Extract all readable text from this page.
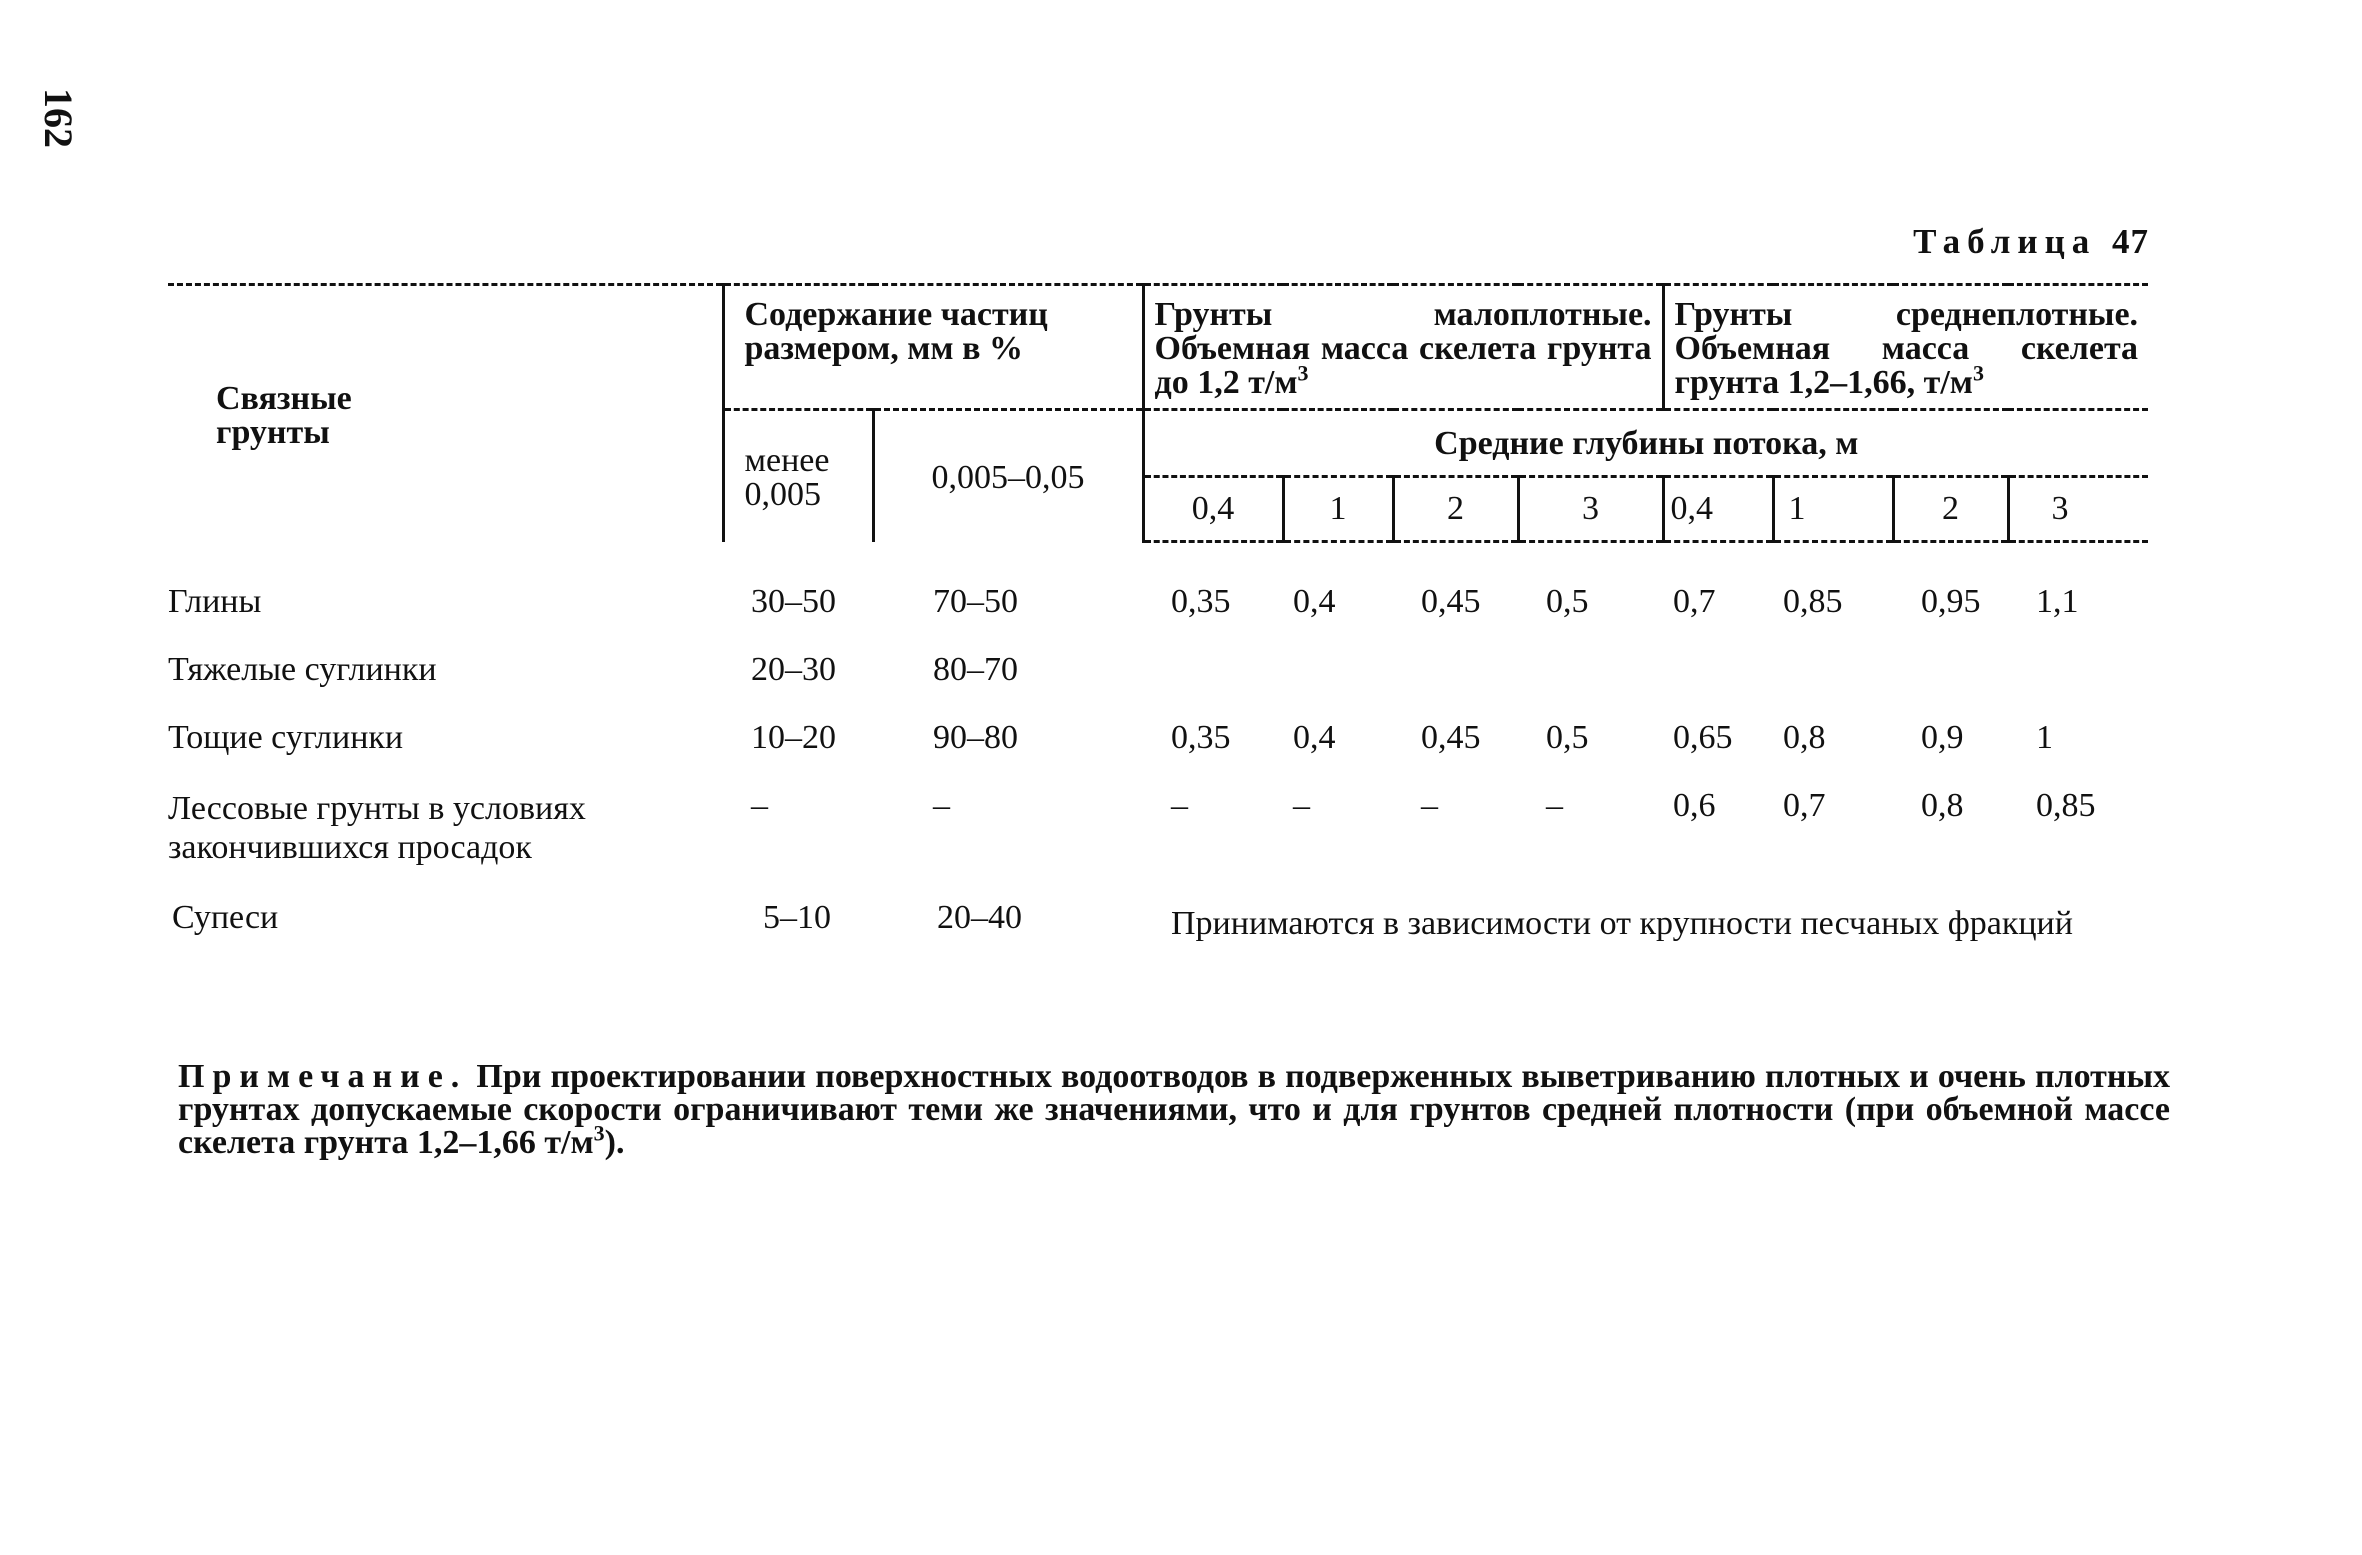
162
Таблица 47
Связные грунты	Содержание частиц размером, мм в %		Грунты малоплотные. Объемная масса скелета грунта до 1,2 $т/м^3$				Грунты среднеплотные. Объемная масса скелета грунта 1,2–1,66, $т/м^3$

	менее 0,005	0,005–0,05	Средние глубины потока, м							
			0,4	1	2	3	0,4	1	2	3

Глины	30–50	70–50	0,35	0,4	0,45	0,5	0,7	0,85	0,95	1,1
Тяжелые суглинки	20–30	80–70								
Тощие суглинки	10–20	90–80	0,35	0,4	0,45	0,5	0,65	0,8	0,9	1
Лессовые грунты в условиях закончившихся просадок	–	–	–	–	–	–	0,6	0,7	0,8	0,85
Супеси	5–10	20–40	Принимаются в зависимости от крупности песчаных фракций							
Примечание. При проектировании поверхностных водоотводов в подверженных выветриванию плотных и очень плотных грунтах допускаемые скорости ограничивают теми же значениями, что и для грунтов средней плотности (при объемной массе скелета грунта 1,2–1,66 $т/м^3$).
